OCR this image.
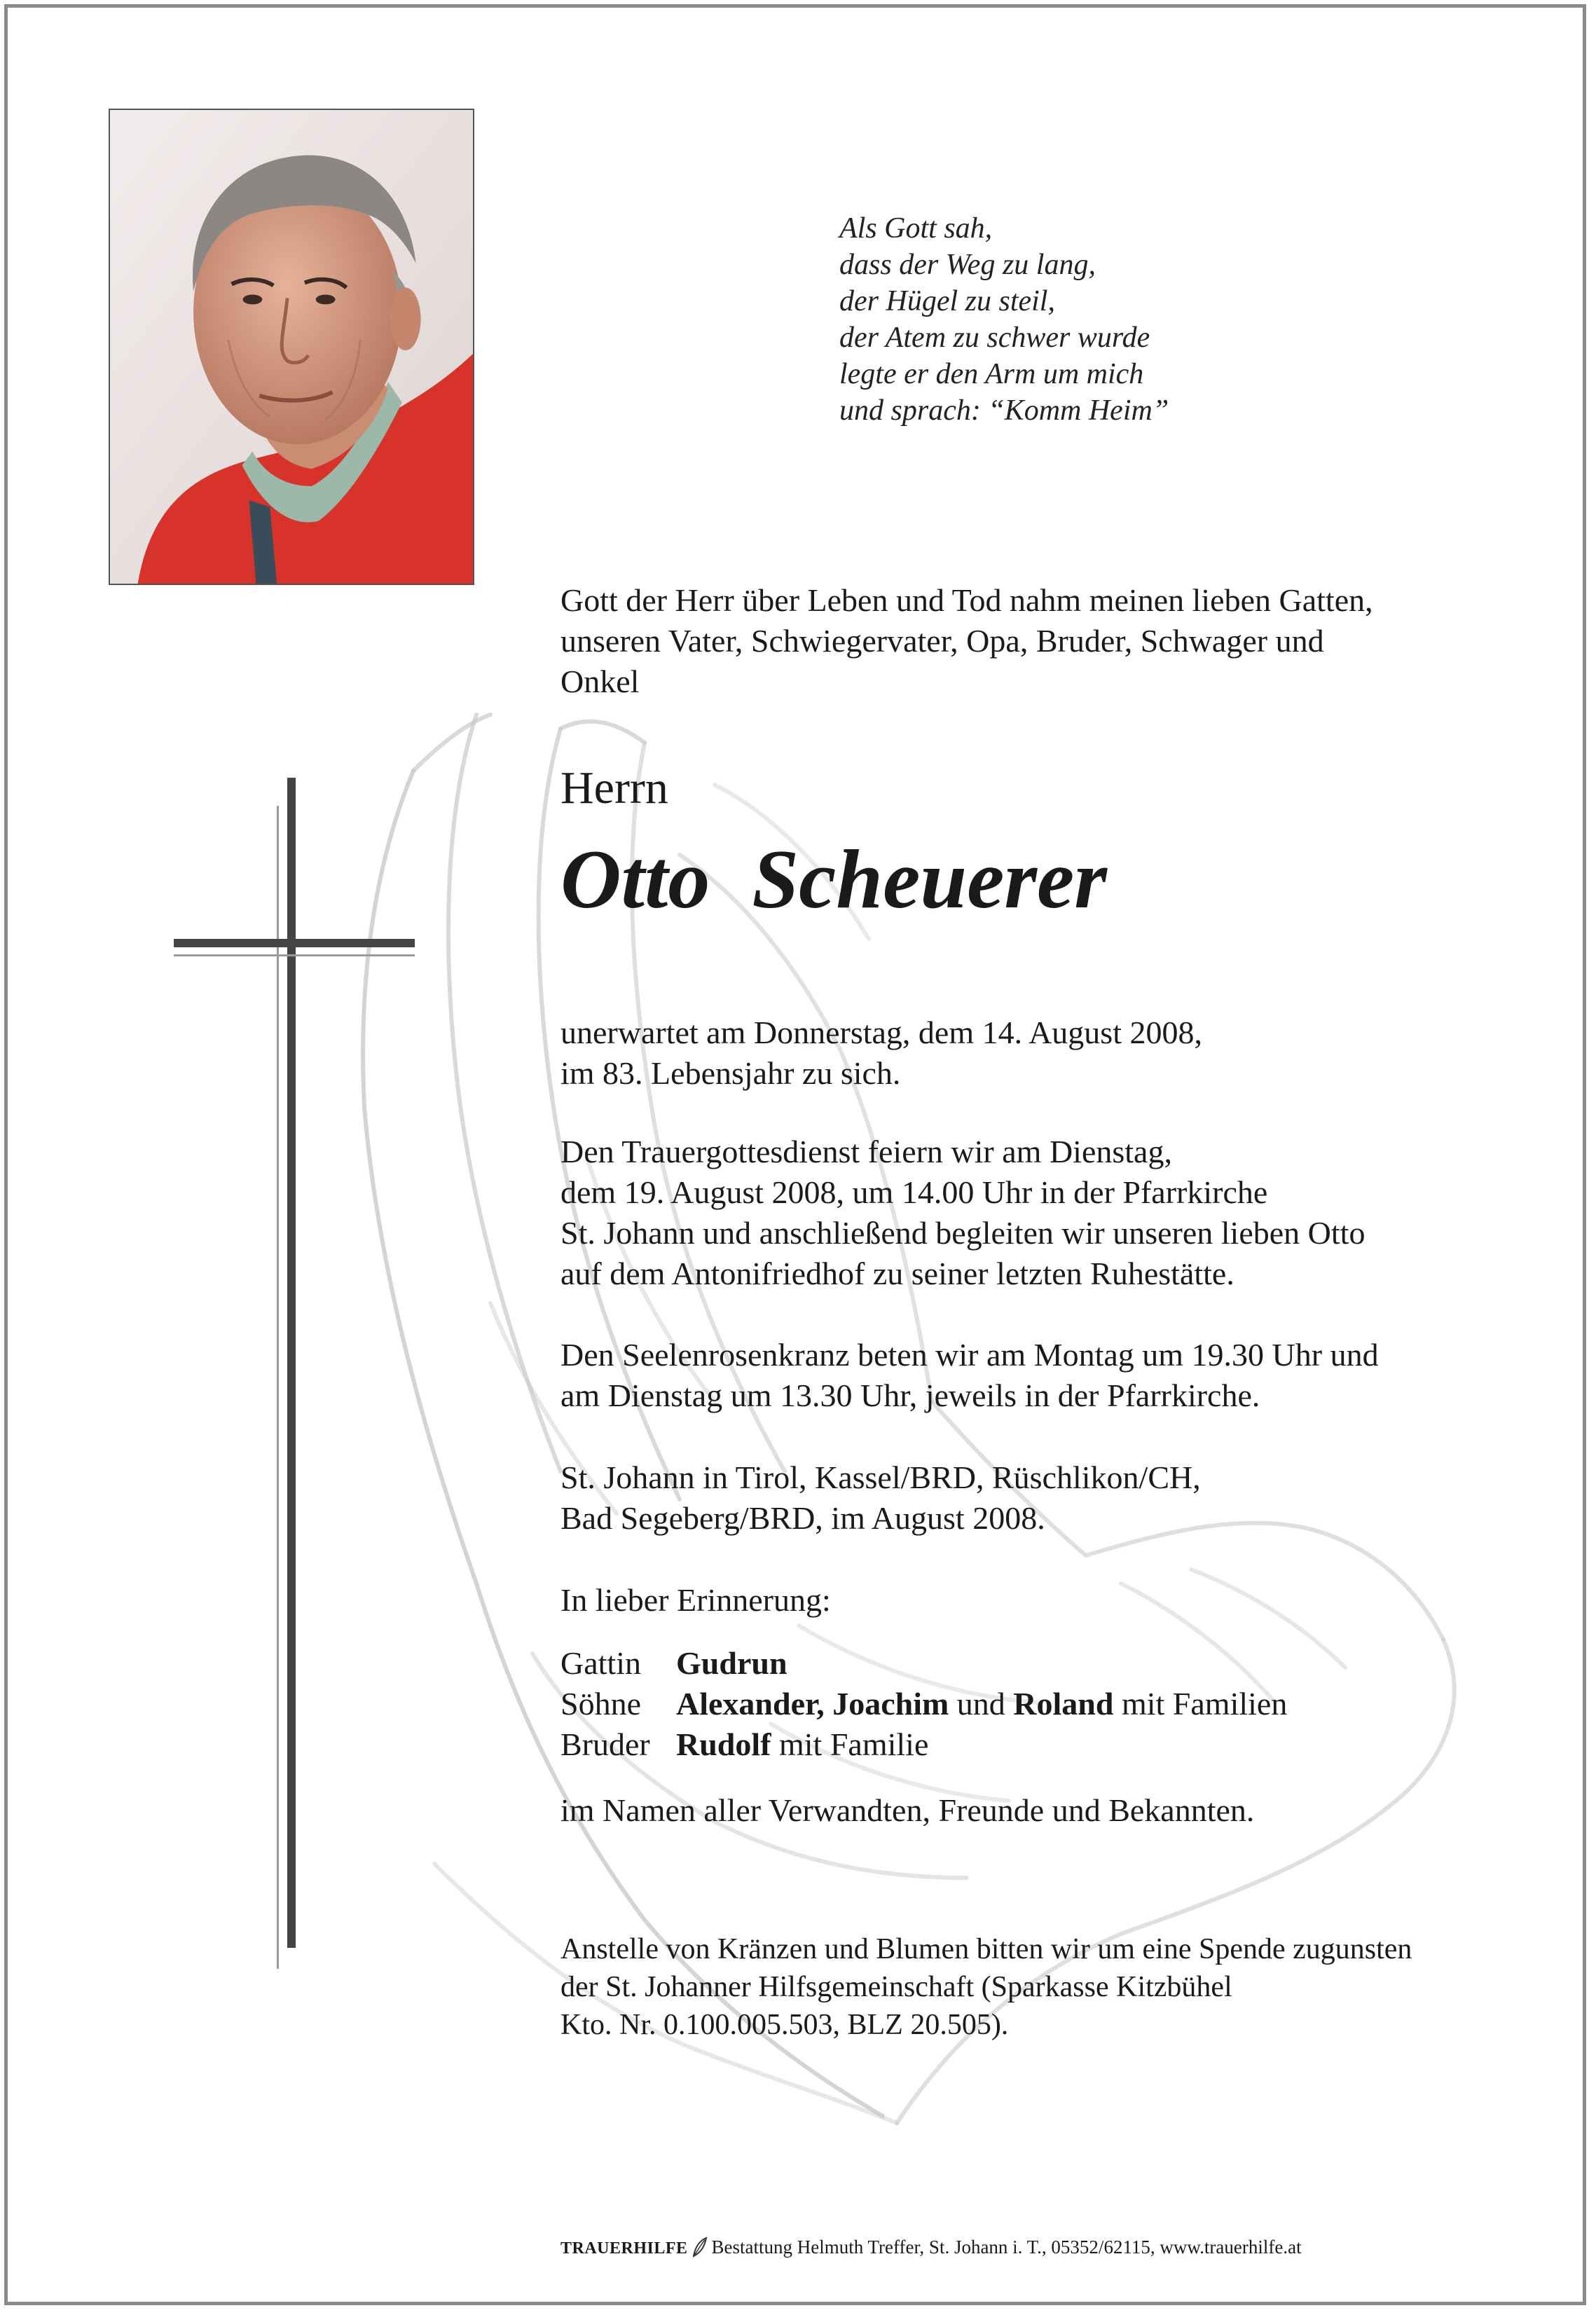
Als Gott sah,
dass der Weg zu lang,
der Hügel zu steil,
der Atem zu schwer wurde
legte er den Arm um mich
und sprach: “Komm Heim”
Gott der Herr über Leben und Tod nahm meinen lieben Gatten,
unseren Vater, Schwiegervater, Opa, Bruder, Schwager und
Onkel
Herrn
Otto  Scheuerer
unerwartet am Donnerstag, dem 14. August 2008,
im 83. Lebensjahr zu sich.
Den Trauergottesdienst feiern wir am Dienstag,
dem 19. August 2008, um 14.00 Uhr in der Pfarrkirche
St. Johann und anschließend begleiten wir unseren lieben Otto
auf dem Antonifriedhof zu seiner letzten Ruhestätte.
Den Seelenrosenkranz beten wir am Montag um 19.30 Uhr und
am Dienstag um 13.30 Uhr, jeweils in der Pfarrkirche.
St. Johann in Tirol, Kassel/BRD, Rüschlikon/CH,
Bad Segeberg/BRD, im August 2008.
In lieber Erinnerung:
Gattin	Gudrun
Söhne	Alexander, Joachim und Roland mit Familien
Bruder Rudolf mit Familie
im Namen aller Verwandten, Freunde und Bekannten.
Anstelle von Kränzen und Blumen bitten wir um eine Spende zugunsten
der St. Johanner Hilfsgemeinschaft (Sparkasse Kitzbühel
Kto. Nr. 0.100.005.503, BLZ 20.505).
TRAUERHILFE Bestattung Helmuth Treffer, St. Johann i. T., 05352/62115, www.trauerhilfe.at
